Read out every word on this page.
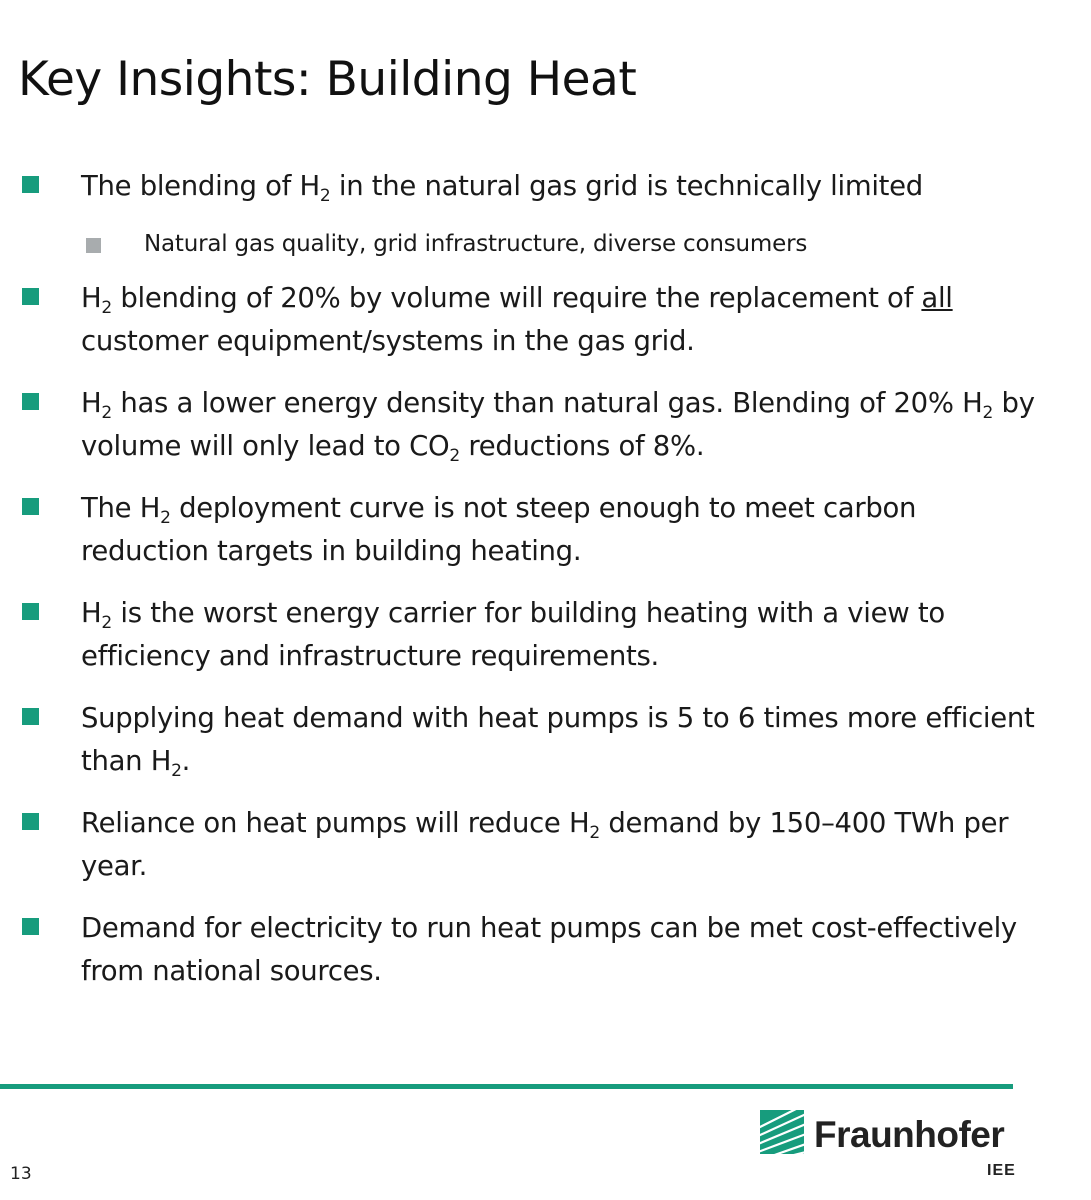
Key Insights: Building Heat
The blending of $H_2$ in the natural gas grid is technically limited
Natural gas quality, grid infrastructure, diverse consumers
$H_2$ blending of 20% by volume will require the replacement of all customer equipment/systems in the gas grid.
$H_2$ has a lower energy density than natural gas. Blending of 20% $H_2$ by volume will only lead to $CO_2$ reductions of 8%.
The $H_2$ deployment curve is not steep enough to meet carbon reduction targets in building heating.
$H_2$ is the worst energy carrier for building heating with a view to efficiency and infrastructure requirements.
Supplying heat demand with heat pumps is 5 to 6 times more efficient than $H_2$.
Reliance on heat pumps will reduce $H_2$ demand by 150–400 TWh per year.
Demand for electricity to run heat pumps can be met cost-effectively from national sources.
13
Fraunhofer
IEE
